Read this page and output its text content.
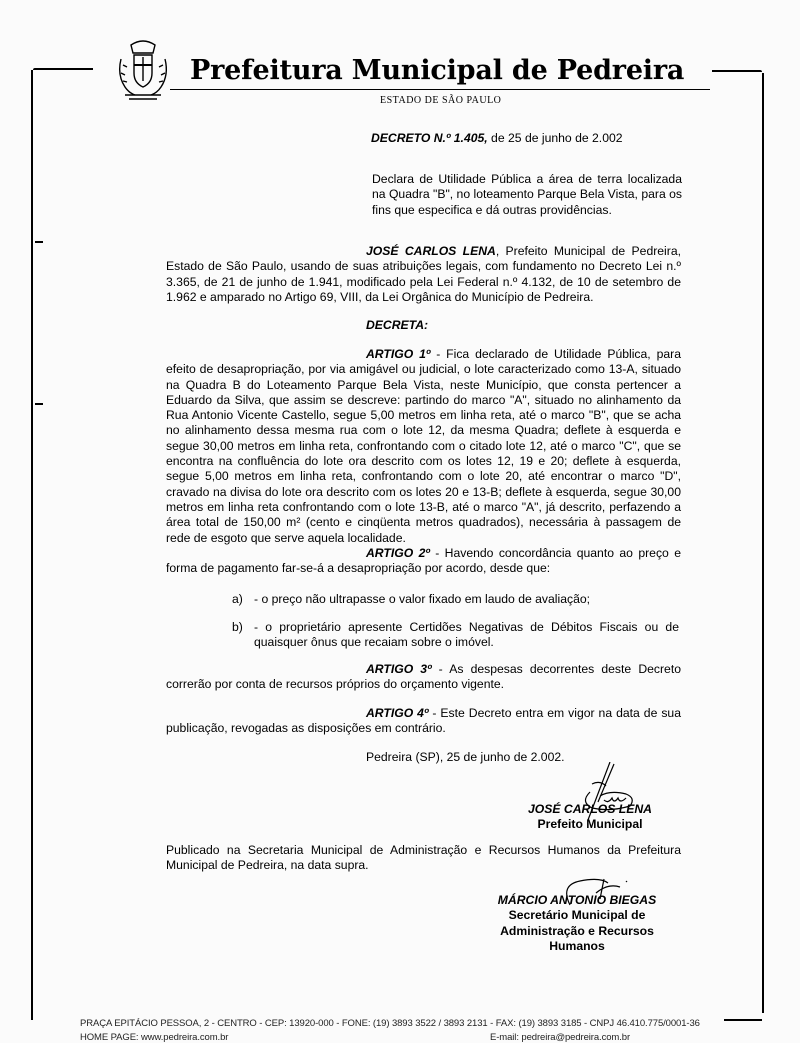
Prefeitura Municipal de Pedreira
ESTADO DE SÃO PAULO
DECRETO N.º 1.405, de 25 de junho de 2.002
Declara de Utilidade Pública a área de terra localizada na Quadra "B", no loteamento Parque Bela Vista, para os fins que especifica e dá outras providências.
JOSÉ CARLOS LENA, Prefeito Municipal de Pedreira, Estado de São Paulo, usando de suas atribuições legais, com fundamento no Decreto Lei n.º 3.365, de 21 de junho de 1.941, modificado pela Lei Federal n.º 4.132, de 10 de setembro de 1.962 e amparado no Artigo 69, VIII, da Lei Orgânica do Município de Pedreira.
DECRETA:
ARTIGO 1º - Fica declarado de Utilidade Pública, para efeito de desapropriação, por via amigável ou judicial, o lote caracterizado como 13-A, situado na Quadra B do Loteamento Parque Bela Vista, neste Município, que consta pertencer a Eduardo da Silva, que assim se descreve: partindo do marco "A", situado no alinhamento da Rua Antonio Vicente Castello, segue 5,00 metros em linha reta, até o marco "B", que se acha no alinhamento dessa mesma rua com o lote 12, da mesma Quadra; deflete à esquerda e segue 30,00 metros em linha reta, confrontando com o citado lote 12, até o marco "C", que se encontra na confluência do lote ora descrito com os lotes 12, 19 e 20; deflete à esquerda, segue 5,00 metros em linha reta, confrontando com o lote 20, até encontrar o marco "D", cravado na divisa do lote ora descrito com os lotes 20 e 13-B; deflete à esquerda, segue 30,00 metros em linha reta confrontando com o lote 13-B, até o marco "A", já descrito, perfazendo a área total de 150,00 m² (cento e cinqüenta metros quadrados), necessária à passagem de rede de esgoto que serve aquela localidade.
ARTIGO 2º - Havendo concordância quanto ao preço e forma de pagamento far-se-á a desapropriação por acordo, desde que:
a) - o preço não ultrapasse o valor fixado em laudo de avaliação;
b) - o proprietário apresente Certidões Negativas de Débitos Fiscais ou de quaisquer ônus que recaiam sobre o imóvel.
ARTIGO 3º - As despesas decorrentes deste Decreto correrão por conta de recursos próprios do orçamento vigente.
ARTIGO 4º - Este Decreto entra em vigor na data de sua publicação, revogadas as disposições em contrário.
Pedreira (SP), 25 de junho de 2.002.
JOSÉ CARLOS LENA
Prefeito Municipal
Publicado na Secretaria Municipal de Administração e Recursos Humanos da Prefeitura Municipal de Pedreira, na data supra.
MÁRCIO ANTONIO BIEGAS
Secretário Municipal de
Administração e Recursos Humanos
PRAÇA EPITÁCIO PESSOA, 2 - CENTRO - CEP: 13920-000 - FONE: (19) 3893 3522 / 3893 2131 - FAX: (19) 3893 3185 - CNPJ 46.410.775/0001-36
HOME PAGE: www.pedreira.com.br	E-mail: pedreira@pedreira.com.br
